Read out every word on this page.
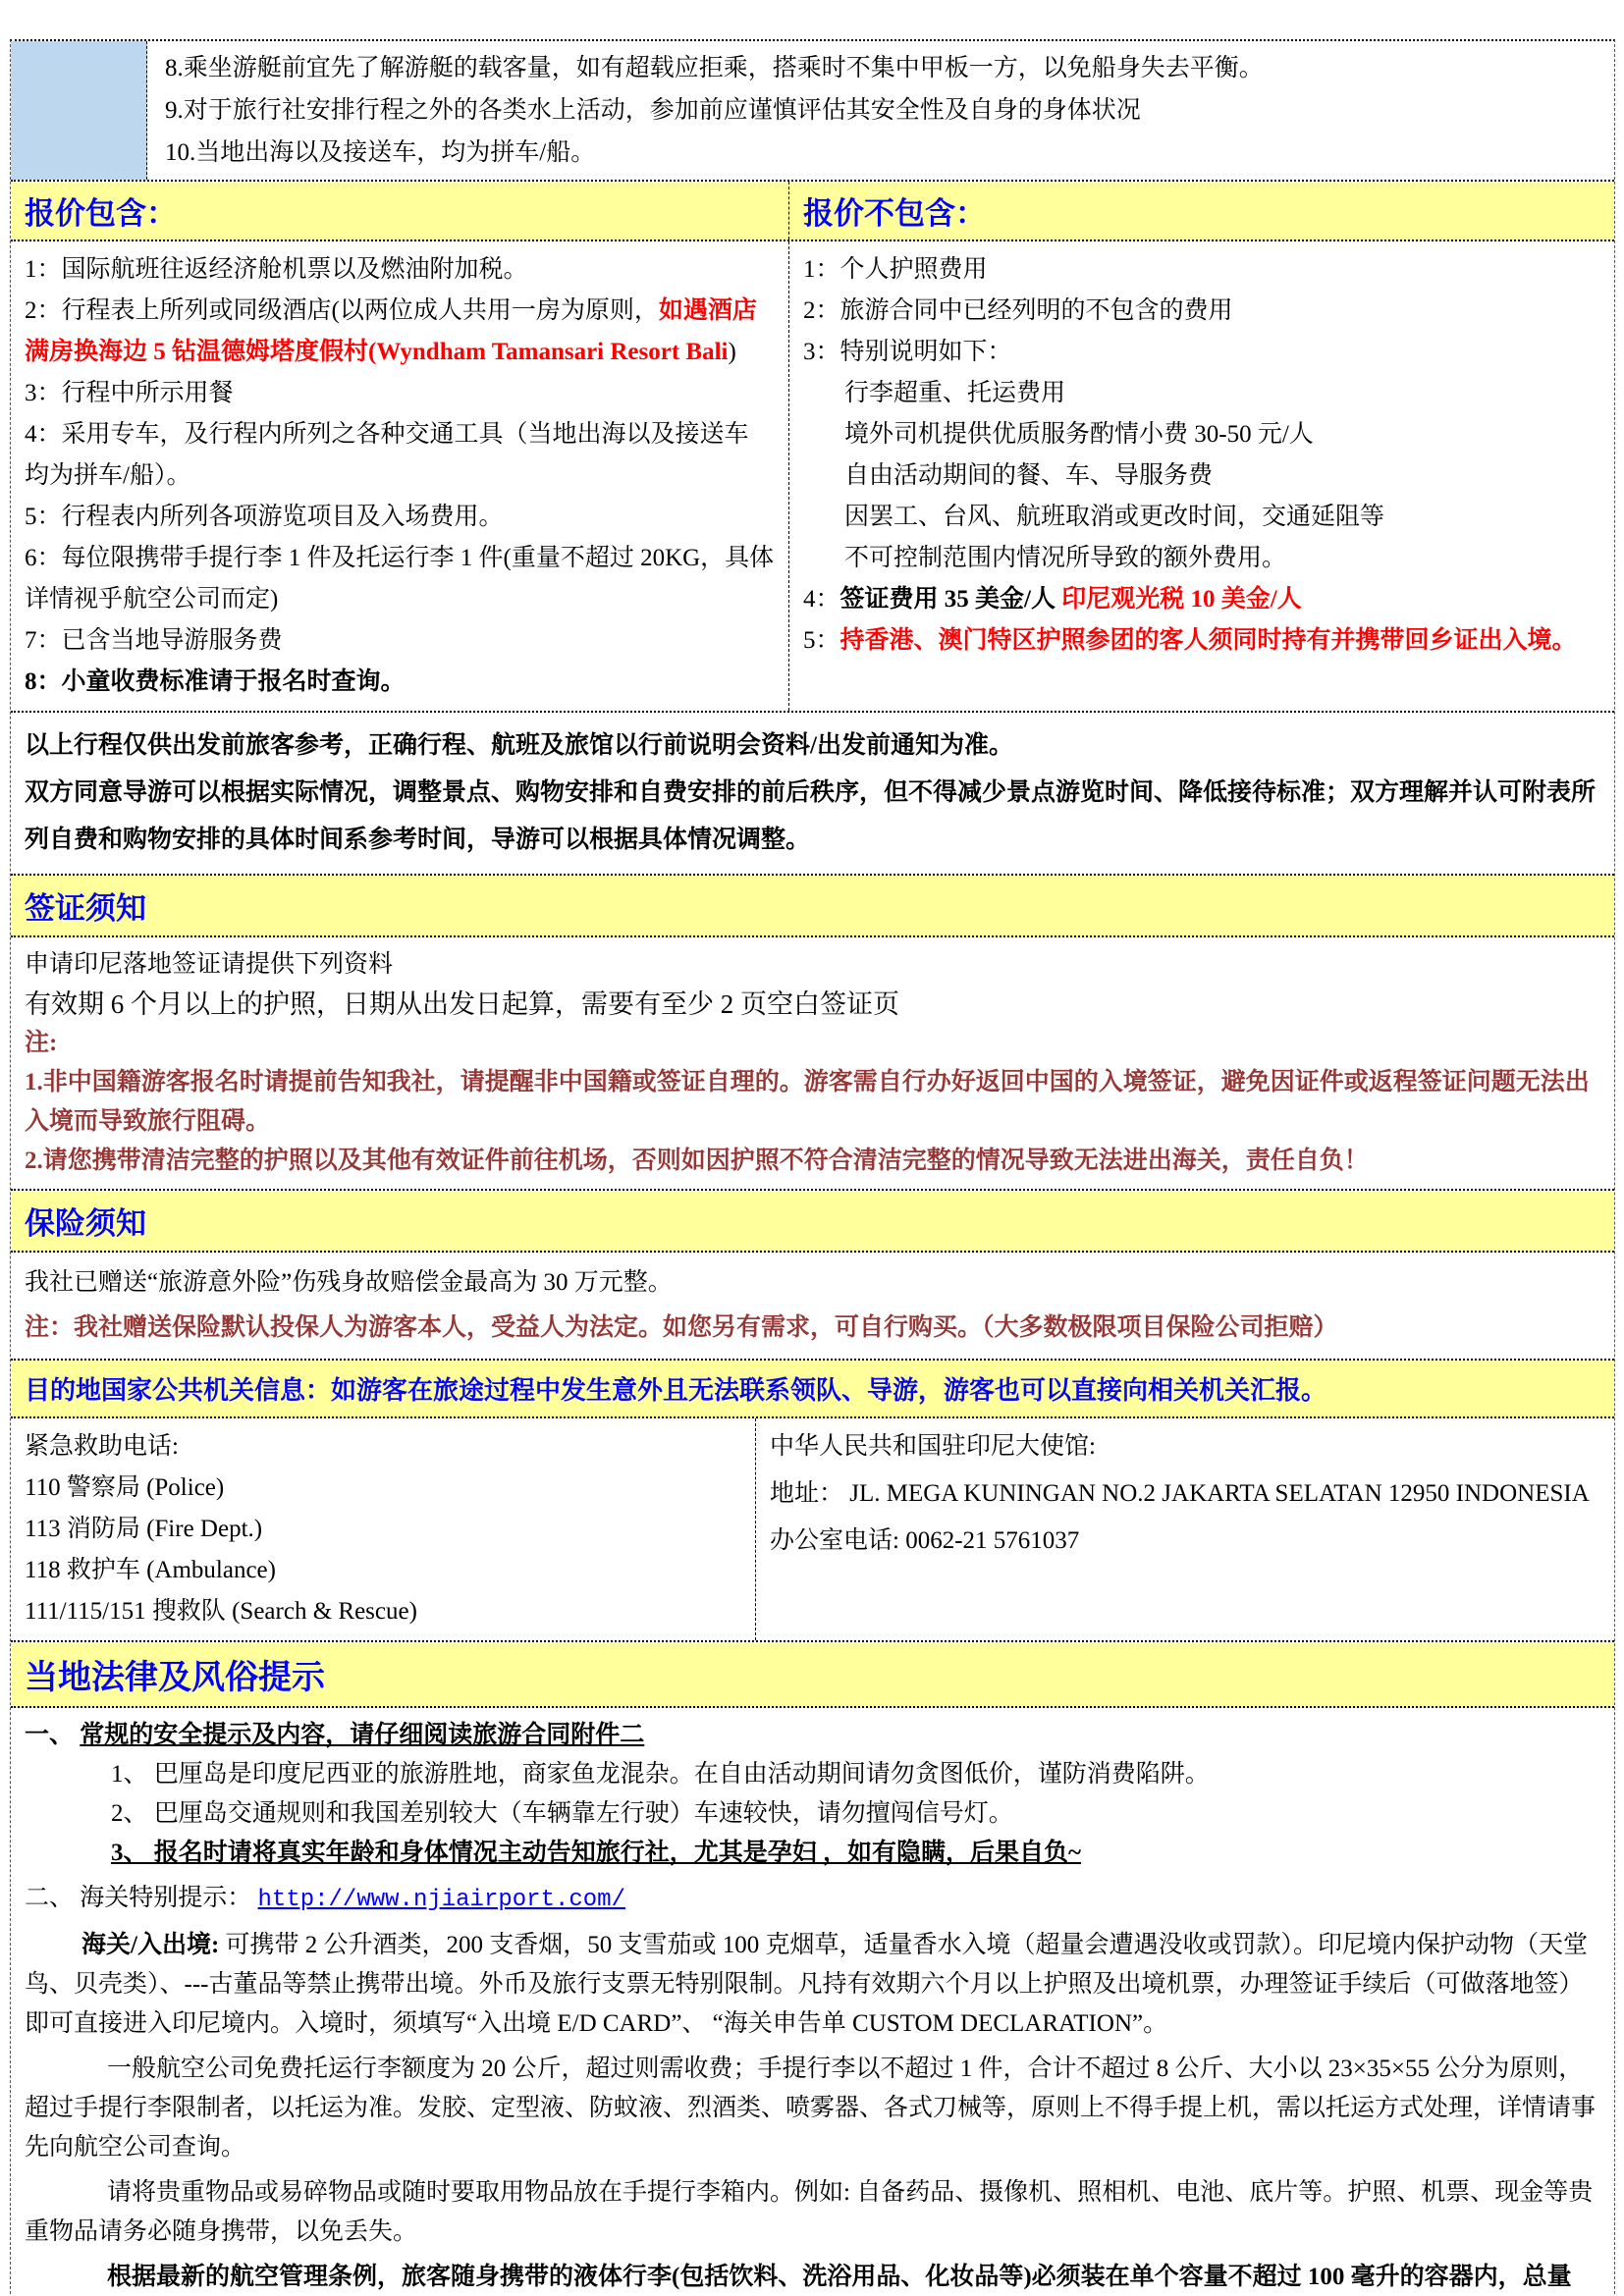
8.乘坐游艇前宜先了解游艇的载客量，如有超载应拒乘，搭乘时不集中甲板一方，以免船身失去平衡。
9.对于旅行社安排行程之外的各类水上活动，参加前应谨慎评估其安全性及自身的身体状况
10.当地出海以及接送车，均为拼车/船。
报价包含：	报价不包含：
1：国际航班往返经济舱机票以及燃油附加税。
2：行程表上所列或同级酒店(以两位成人共用一房为原则，如遇酒店满房换海边 5 钻温德姆塔度假村(Wyndham Tamansari Resort Bali)
3：行程中所示用餐
4：采用专车，及行程内所列之各种交通工具（当地出海以及接送车 均为拼车/船）。
5：行程表内所列各项游览项目及入场费用。
6：每位限携带手提行李 1 件及托运行李 1 件(重量不超过 20KG，具体详情视乎航空公司而定)
7：已含当地导游服务费
8：小童收费标准请于报名时查询。
1：个人护照费用
2：旅游合同中已经列明的不包含的费用
3：特别说明如下：
行李超重、托运费用
境外司机提供优质服务酌情小费 30-50 元/人
自由活动期间的餐、车、导服务费
因罢工、台风、航班取消或更改时间，交通延阻等
不可控制范围内情况所导致的额外费用。
4：签证费用 35 美金/人 印尼观光税 10 美金/人
5：持香港、澳门特区护照参团的客人须同时持有并携带回乡证出入境。
以上行程仅供出发前旅客参考，正确行程、航班及旅馆以行前说明会资料/出发前通知为准。
双方同意导游可以根据实际情况，调整景点、购物安排和自费安排的前后秩序，但不得减少景点游览时间、降低接待标准；双方理解并认可附表所列自费和购物安排的具体时间系参考时间，导游可以根据具体情况调整。
签证须知
申请印尼落地签证请提供下列资料
有效期 6 个月以上的护照，日期从出发日起算，需要有至少 2 页空白签证页
注:
1.非中国籍游客报名时请提前告知我社，请提醒非中国籍或签证自理的。游客需自行办好返回中国的入境签证，避免因证件或返程签证问题无法出入境而导致旅行阻碍。
2.请您携带清洁完整的护照以及其他有效证件前往机场，否则如因护照不符合清洁完整的情况导致无法进出海关，责任自负！
保险须知
我社已赠送“旅游意外险”伤残身故赔偿金最高为 30 万元整。
注：我社赠送保险默认投保人为游客本人，受益人为法定。如您另有需求，可自行购买。（大多数极限项目保险公司拒赔）
目的地国家公共机关信息：如游客在旅途过程中发生意外且无法联系领队、导游，游客也可以直接向相关机关汇报。
紧急救助电话:
110 警察局 (Police)
113 消防局 (Fire Dept.)
118 救护车 (Ambulance)
111/115/151 搜救队 (Search & Rescue)
中华人民共和国驻印尼大使馆:
地址： JL. MEGA KUNINGAN NO.2 JAKARTA SELATAN 12950 INDONESIA
办公室电话: 0062-21 5761037
当地法律及风俗提示
一、 常规的安全提示及内容，请仔细阅读旅游合同附件二
1、 巴厘岛是印度尼西亚的旅游胜地，商家鱼龙混杂。在自由活动期间请勿贪图低价，谨防消费陷阱。
2、 巴厘岛交通规则和我国差别较大（车辆靠左行驶）车速较快，请勿擅闯信号灯。
3、 报名时请将真实年龄和身体情况主动告知旅行社，尤其是孕妇 ，如有隐瞒，后果自负~
二、 海关特别提示： http://www.njiairport.com/

海关/入出境: 可携带 2 公升酒类，200 支香烟，50 支雪茄或 100 克烟草，适量香水入境（超量会遭遇没收或罚款）。印尼境内保护动物（天堂鸟、贝壳类）、---古董品等禁止携带出境。外币及旅行支票无特别限制。凡持有效期六个月以上护照及出境机票，办理签证手续后（可做落地签）即可直接进入印尼境内。入境时，须填写“入出境 E/D CARD”、 “海关申告单 CUSTOM DECLARATION”。

一般航空公司免费托运行李额度为 20 公斤，超过则需收费；手提行李以不超过 1 件，合计不超过 8 公斤、大小以 23×35×55 公分为原则，超过手提行李限制者，以托运为准。发胶、定型液、防蚊液、烈酒类、喷雾器、各式刀械等，原则上不得手提上机，需以托运方式处理，详情请事先向航空公司查询。

请将贵重物品或易碎物品或随时要取用物品放在手提行李箱内。例如: 自备药品、摄像机、照相机、电池、底片等。护照、机票、现金等贵重物品请务必随身携带，以免丢失。

根据最新的航空管理条例，旅客随身携带的液体行李(包括饮料、洗浴用品、化妆品等)必须装在单个容量不超过 100 毫升的容器内，总量
